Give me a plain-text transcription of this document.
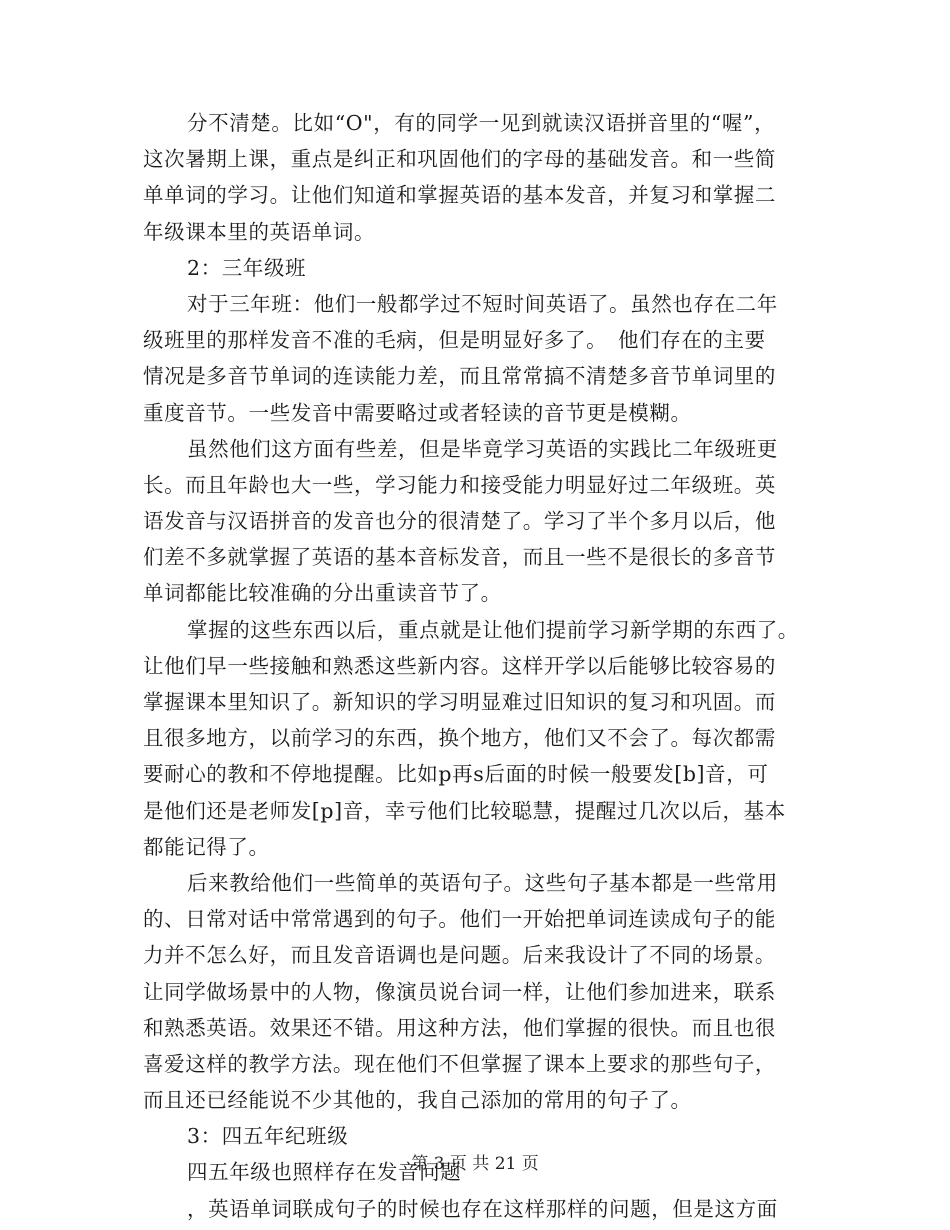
分不清楚。比如“O"，有的同学一见到就读汉语拼音里的“喔”，
这次暑期上课，重点是纠正和巩固他们的字母的基础发音。和一些简
单单词的学习。让他们知道和掌握英语的基本发音，并复习和掌握二
年级课本里的英语单词。
2：三年级班
对于三年班：他们一般都学过不短时间英语了。虽然也存在二年
级班里的那样发音不准的毛病，但是明显好多了。　他们存在的主要
情况是多音节单词的连读能力差，而且常常搞不清楚多音节单词里的
重度音节。一些发音中需要略过或者轻读的音节更是模糊。
虽然他们这方面有些差，但是毕竟学习英语的实践比二年级班更
长。而且年龄也大一些，学习能力和接受能力明显好过二年级班。英
语发音与汉语拼音的发音也分的很清楚了。学习了半个多月以后，他
们差不多就掌握了英语的基本音标发音，而且一些不是很长的多音节
单词都能比较准确的分出重读音节了。
掌握的这些东西以后，重点就是让他们提前学习新学期的东西了。
让他们早一些接触和熟悉这些新内容。这样开学以后能够比较容易的
掌握课本里知识了。新知识的学习明显难过旧知识的复习和巩固。而
且很多地方，以前学习的东西，换个地方，他们又不会了。每次都需
要耐心的教和不停地提醒。比如p再s后面的时候一般要发[b]音，可
是他们还是老师发[p]音，幸亏他们比较聪慧，提醒过几次以后，基本
都能记得了。
后来教给他们一些简单的英语句子。这些句子基本都是一些常用
的、日常对话中常常遇到的句子。他们一开始把单词连读成句子的能
力并不怎么好，而且发音语调也是问题。后来我设计了不同的场景。
让同学做场景中的人物，像演员说台词一样，让他们参加进来，联系
和熟悉英语。效果还不错。用这种方法，他们掌握的很快。而且也很
喜爱这样的教学方法。现在他们不但掌握了课本上要求的那些句子，
而且还已经能说不少其他的，我自己添加的常用的句子了。
3：四五年纪班级
四五年级也照样存在发音问题
，英语单词联成句子的时候也存在这样那样的问题，但是这方面
第 3 页 共 21 页
